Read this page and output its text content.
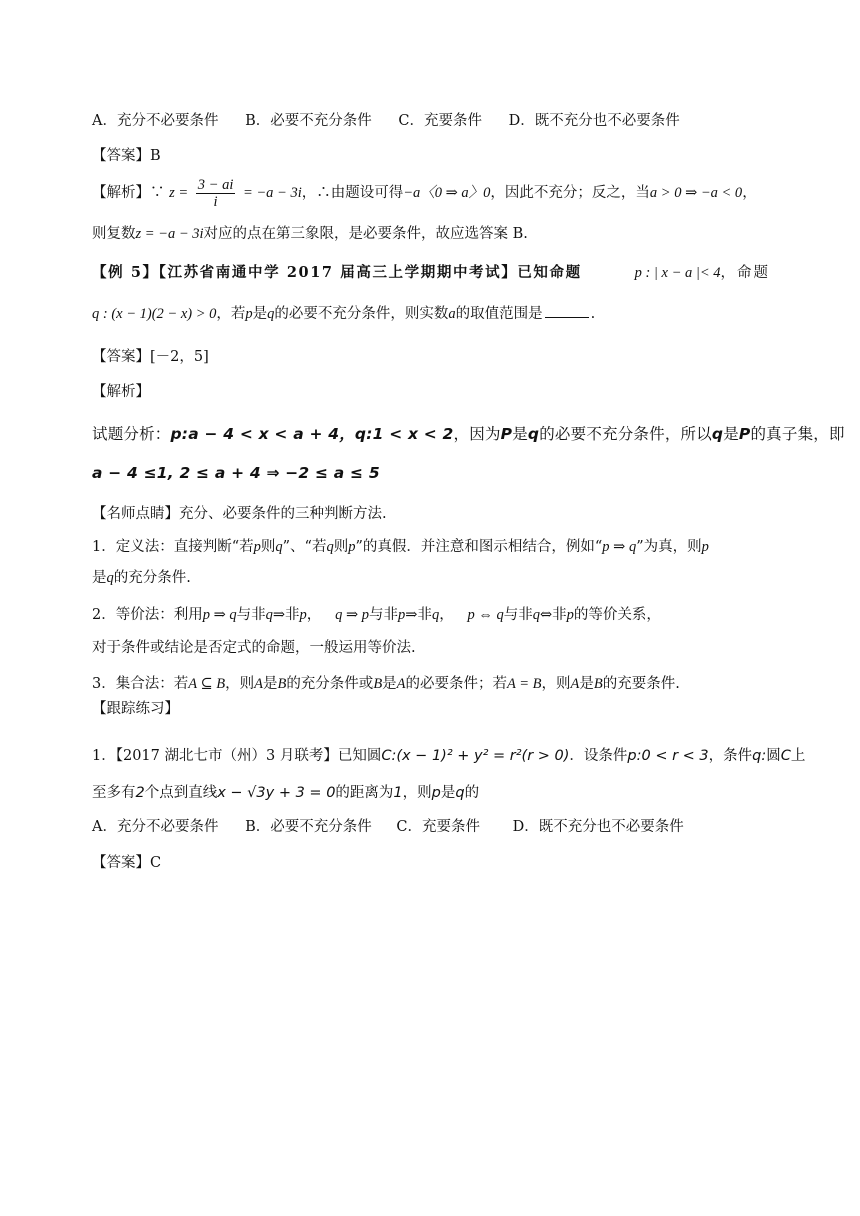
A．充分不必要条件 B．必要不充分条件 C．充要条件 D．既不充分也不必要条件
【答案】B
【解析】∵ $z = \frac{3 - ai}{i} = -a - 3i$，∴由题设可得−a〈0 ⇒ a〉0，因此不充分；反之，当a > 0 ⇒ −a < 0，
则复数z = −a − 3i对应的点在第三象限，是必要条件，故应选答案 B.
【例 5】【江苏省南通中学 2017 届高三上学期期中考试】已知命题	p : | x − a |< 4，命题
q : (x − 1)(2 − x) > 0，若p是q的必要不充分条件，则实数a的取值范围是	.
【答案】[－2，5]
【解析】
试题分析：p:a − 4 < x < a + 4，q:1 < x < 2，因为P是q的必要不充分条件，所以q是P的真子集，即
a − 4 ≤1, 2 ≤ a + 4 ⇒ −2 ≤ a ≤ 5
【名师点睛】充分、必要条件的三种判断方法.
1．定义法：直接判断“若p则q”、“若q则p”的真假．并注意和图示相结合，例如“p ⇒ q”为真，则p
是q的充分条件.
2．等价法：利用p ⇒ q与非q⇒非p， q ⇒ p与非p⇒非q， p ⇔ q与非q⇔非p的等价关系，
对于条件或结论是否定式的命题，一般运用等价法.
3．集合法：若A ⊆ B，则A是B的充分条件或B是A的必要条件；若A = B，则A是B的充要条件.
【跟踪练习】
1．【2017 湖北七市（州）3 月联考】已知圆C:(x − 1)² + y² = r²(r > 0)．设条件p:0 < r < 3，条件q:圆C上
至多有2个点到直线x − √3y + 3 = 0的距离为1，则p是q的
A．充分不必要条件 B．必要不充分条件 C．充要条件 D．既不充分也不必要条件
【答案】C
